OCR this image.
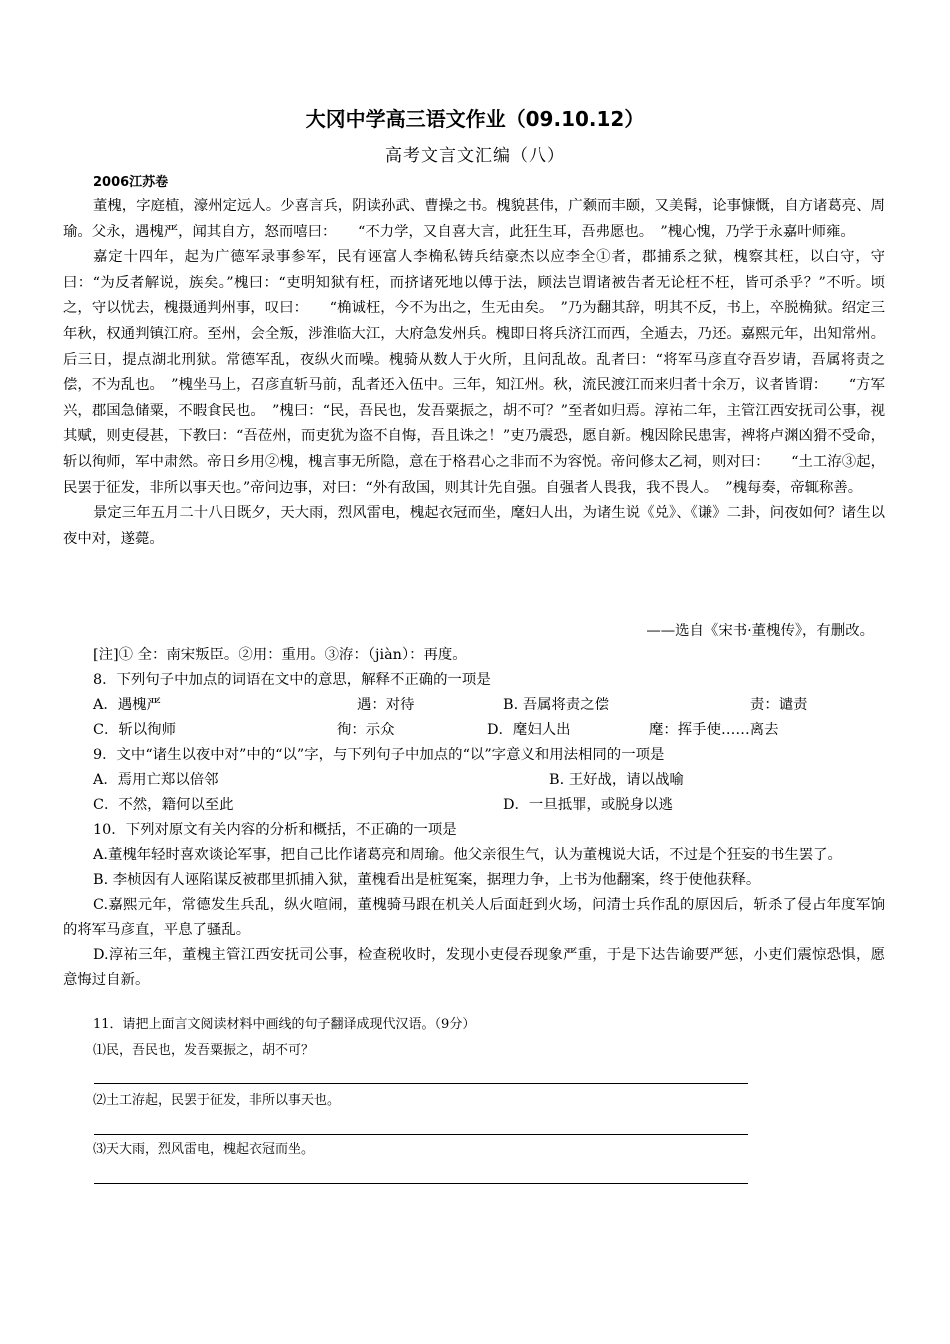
大冈中学高三语文作业（09.10.12）
高考文言文汇编（八）
2006江苏卷

董槐，字庭植，濠州定远人。少喜言兵，阴读孙武、曹操之书。槐貌甚伟，广颡而丰颐，又美髯，论事慷慨，自方诸葛亮、周瑜。父永，遇槐严，闻其自方，怒而嘻曰：　　“不力学，又自喜大言，此狂生耳，吾弗愿也。　”槐心愧，乃学于永嘉叶师雍。

嘉定十四年，起为广德军录事参军，民有诬富人李桷私铸兵结豪杰以应李全①者，郡捕系之狱，槐察其枉，以白守，守曰：“为反者解说，族矣。”槐曰：“吏明知狱有枉，而挤诸死地以傅于法，顾法岂谓诸被告者无论枉不枉，皆可杀乎？”不听。顷之，守以忧去，槐摄通判州事，叹曰：　　“桷诚枉，今不为出之，生无由矣。　”乃为翻其辞，明其不反，书上，卒脱桷狱。绍定三年秋，权通判镇江府。至州，会全叛，涉淮临大江，大府急发州兵。槐即日将兵济江而西，全遁去，乃还。嘉熙元年，出知常州。后三日，提点湖北刑狱。常德军乱，夜纵火而噪。槐骑从数人于火所，且问乱故。乱者曰：“将军马彦直夺吾岁请，吾属将责之偿，不为乱也。　”槐坐马上，召彦直斩马前，乱者还入伍中。三年，知江州。秋，流民渡江而来归者十余万，议者皆谓：　　“方军兴，郡国急储粟，不暇食民也。　”槐曰：“民，吾民也，发吾粟振之，胡不可？”至者如归焉。淳祐二年，主管江西安抚司公事，视其赋，则吏侵甚，下教曰：“吾莅州，而吏犹为盗不自悔，吾且诛之！”吏乃震恐，愿自新。槐因除民患害，裨将卢渊凶猾不受命，斩以徇师，军中肃然。帝日乡用②槐，槐言事无所隐，意在于格君心之非而不为容悦。帝问修太乙祠，则对曰：　　“土工洊③起，民罢于征发，非所以事天也。”帝问边事，对曰：“外有敌国，则其计先自强。自强者人畏我，我不畏人。　”槐每奏，帝辄称善。

景定三年五月二十八日既夕，天大雨，烈风雷电，槐起衣冠而坐，麾妇人出，为诸生说《兑》、《谦》二卦，问夜如何？诸生以夜中对，遂薨。

——选自《宋书·董槐传》，有删改。
[注]① 全：南宋叛臣。②用：重用。③洊：（jiàn）：再度。
8．下列句子中加点的词语在文中的意思，解释不正确的一项是
A．遇槐严	遇：对待	B. 吾属将责之偿	责：谴责
C．斩以徇师	徇：示众	D．麾妇人出	麾：挥手使……离去
9．文中“诸生以夜中对”中的“以”字，与下列句子中加点的“以”字意义和用法相同的一项是
A．焉用亡郑以倍邻	B. 王好战，请以战喻
C．不然，籍何以至此	D．一旦抵罪，或脱身以逃
10．下列对原文有关内容的分析和概括，不正确的一项是

A.董槐年轻时喜欢谈论军事，把自己比作诸葛亮和周瑜。他父亲很生气，认为董槐说大话，不过是个狂妄的书生罢了。

B. 李桢因有人诬陷谋反被郡里抓捕入狱，董槐看出是桩冤案，据理力争，上书为他翻案，终于使他获释。

C.嘉熙元年，常德发生兵乱，纵火喧闹，董槐骑马跟在机关人后面赶到火场，问清士兵作乱的原因后，斩杀了侵占年度军饷的将军马彦直，平息了骚乱。

D.淳祐三年，董槐主管江西安抚司公事，检查税收时，发现小吏侵吞现象严重，于是下达告谕要严惩，小吏们震惊恐惧，愿意悔过自新。

11．请把上面言文阅读材料中画线的句子翻译成现代汉语。（9分）
⑴民，吾民也，发吾粟振之，胡不可？
⑵土工洊起，民罢于征发，非所以事天也。
⑶天大雨，烈风雷电，槐起衣冠而坐。
